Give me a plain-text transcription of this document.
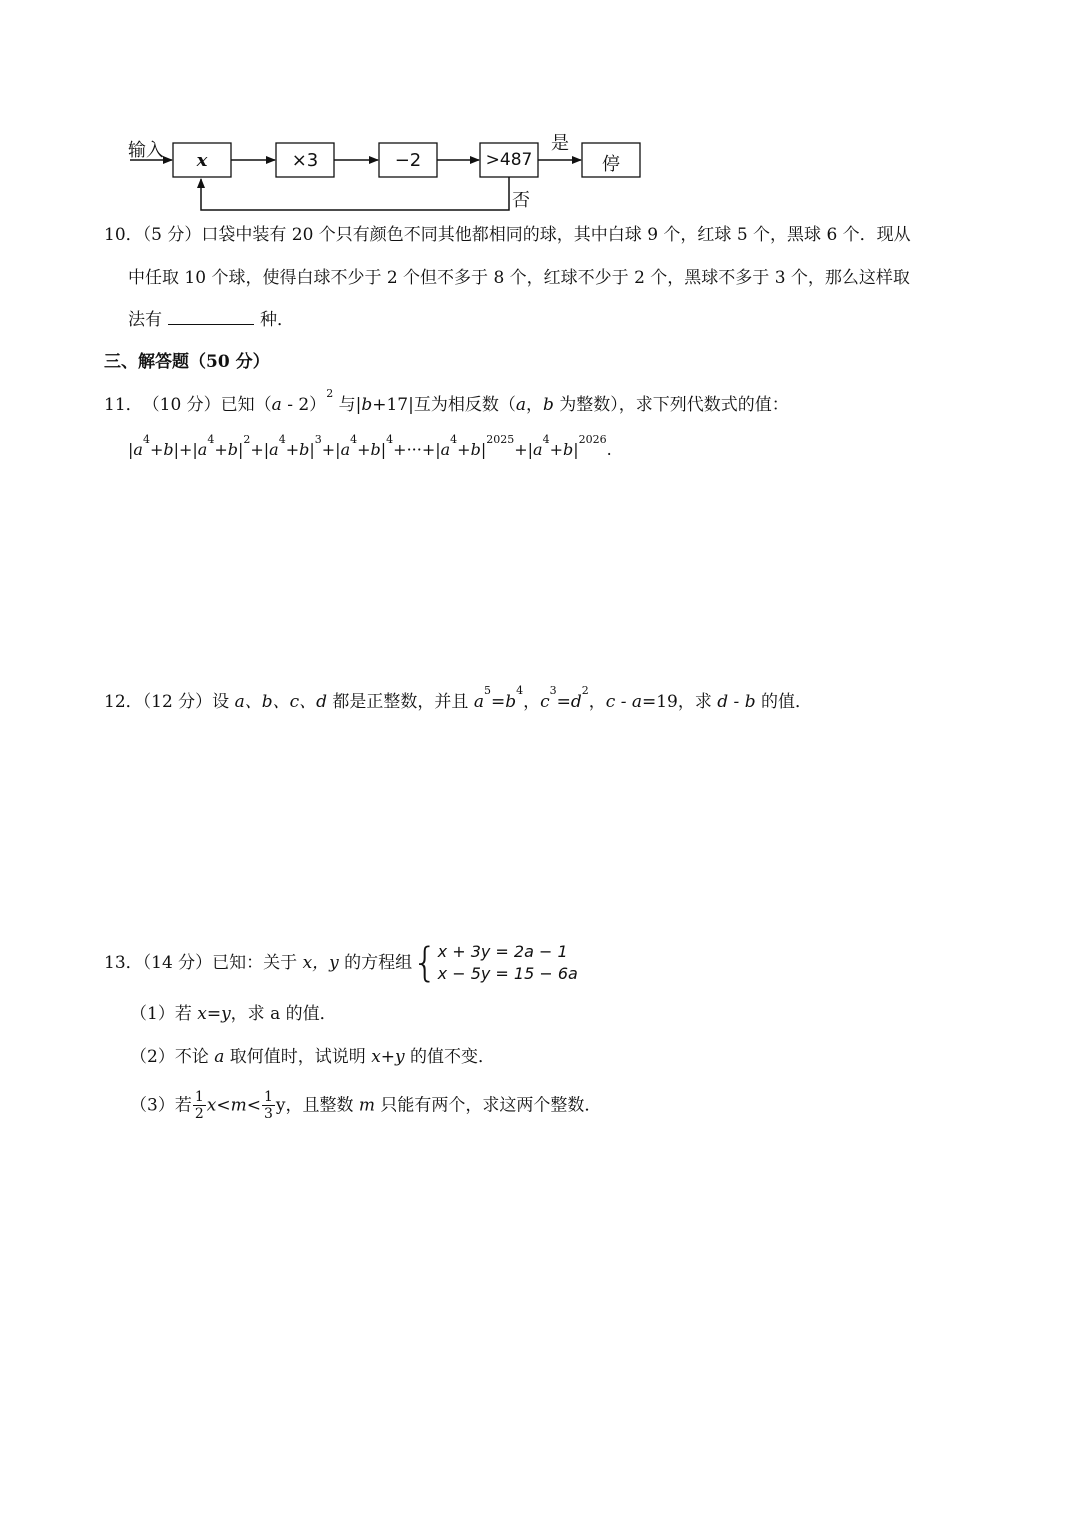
输入	x	×3	−2	>487	停
是
否
10．（5 分）口袋中装有 20 个只有颜色不同其他都相同的球，其中白球 9 个，红球 5 个，黑球 6 个．现从
中任取 10 个球，使得白球不少于 2 个但不多于 8 个，红球不少于 2 个，黑球不多于 3 个，那么这样取
法有	种．
三、解答题（50 分）
11．　（10 分）已知（a - 2）$^2$ 与|b+17|互为相反数（a，b 为整数），求下列代数式的值：
$|a^4+b|+|a^4+b|^2+|a^4+b|^3+|a^4+b|^4+\cdot\cdot\cdot+|a^4+b|^{2025}+|a^4+b|^{2026}$.
12．（12 分）设 a、b、c、d 都是正整数，并且 $a^5=b^4$，$c^3=d^2$，c - a=19，求 d - b 的值．
13．（14 分）已知：关于 x，y 的方程组{ x + 3y = 2a − 1
x − 5y = 15 − 6a
（1）若 x=y，求 a 的值．
（2）不论 a 取何值时，试说明 x+y 的值不变．
（3）若 $\frac{1}{2} x<m< \frac{1}{3}$ y，且整数 m 只能有两个，求这两个整数．
